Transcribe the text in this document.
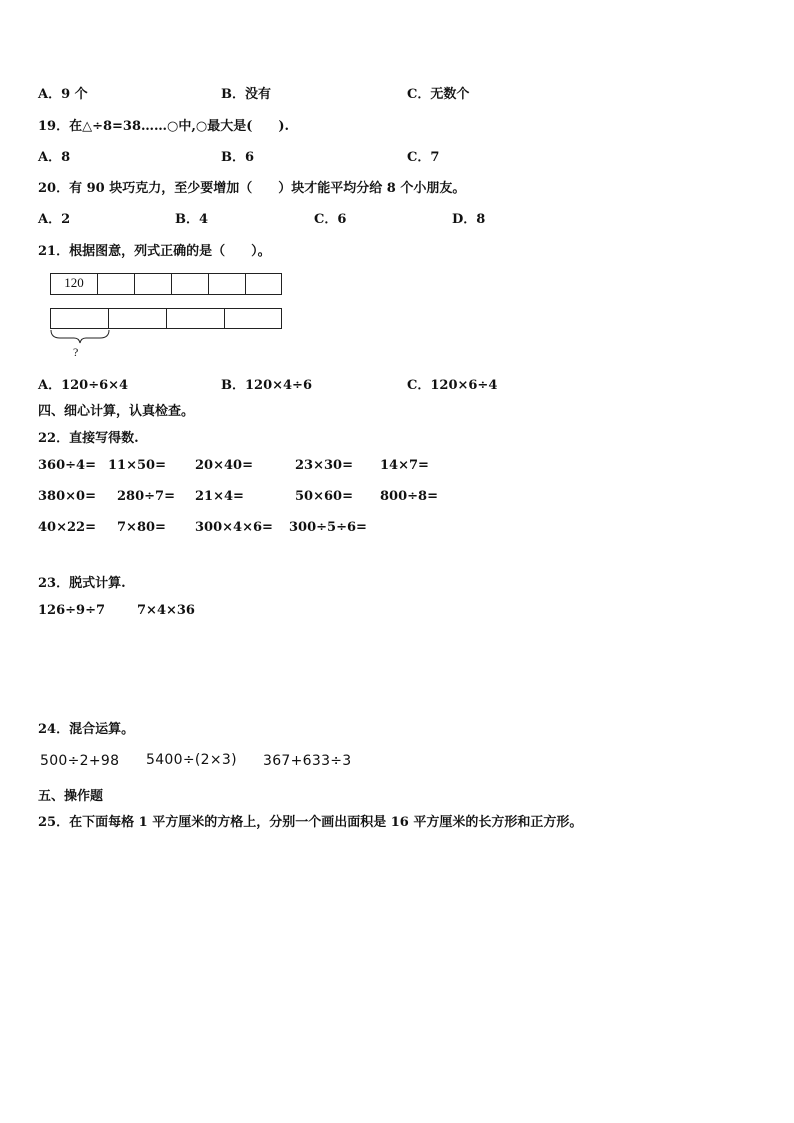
A．9 个	B．没有	C．无数个
19．在△÷8=38……○中,○最大是(　　).
A．8	B．6	C．7
20．有 90 块巧克力，至少要增加（　　）块才能平均分给 8 个小朋友。
A．2	B．4	C．6	D．8
21．根据图意，列式正确的是（　　）。
120
?
A．120÷6×4	B．120×4÷6	C．120×6÷4
四、细心计算，认真检查。
22．直接写得数.
360÷4= 11×50= 20×40=	23×30= 14×7=
380×0= 280÷7= 21×4=	50×60= 800÷8=
40×22= 7×80= 300×4×6= 300÷5÷6=
23．脱式计算.
126÷9÷7 7×4×36
24．混合运算。
500÷2+98 5400÷(2×3) 367+633÷3
五、操作题
25．在下面每格 1 平方厘米的方格上，分别一个画出面积是 16 平方厘米的长方形和正方形。
